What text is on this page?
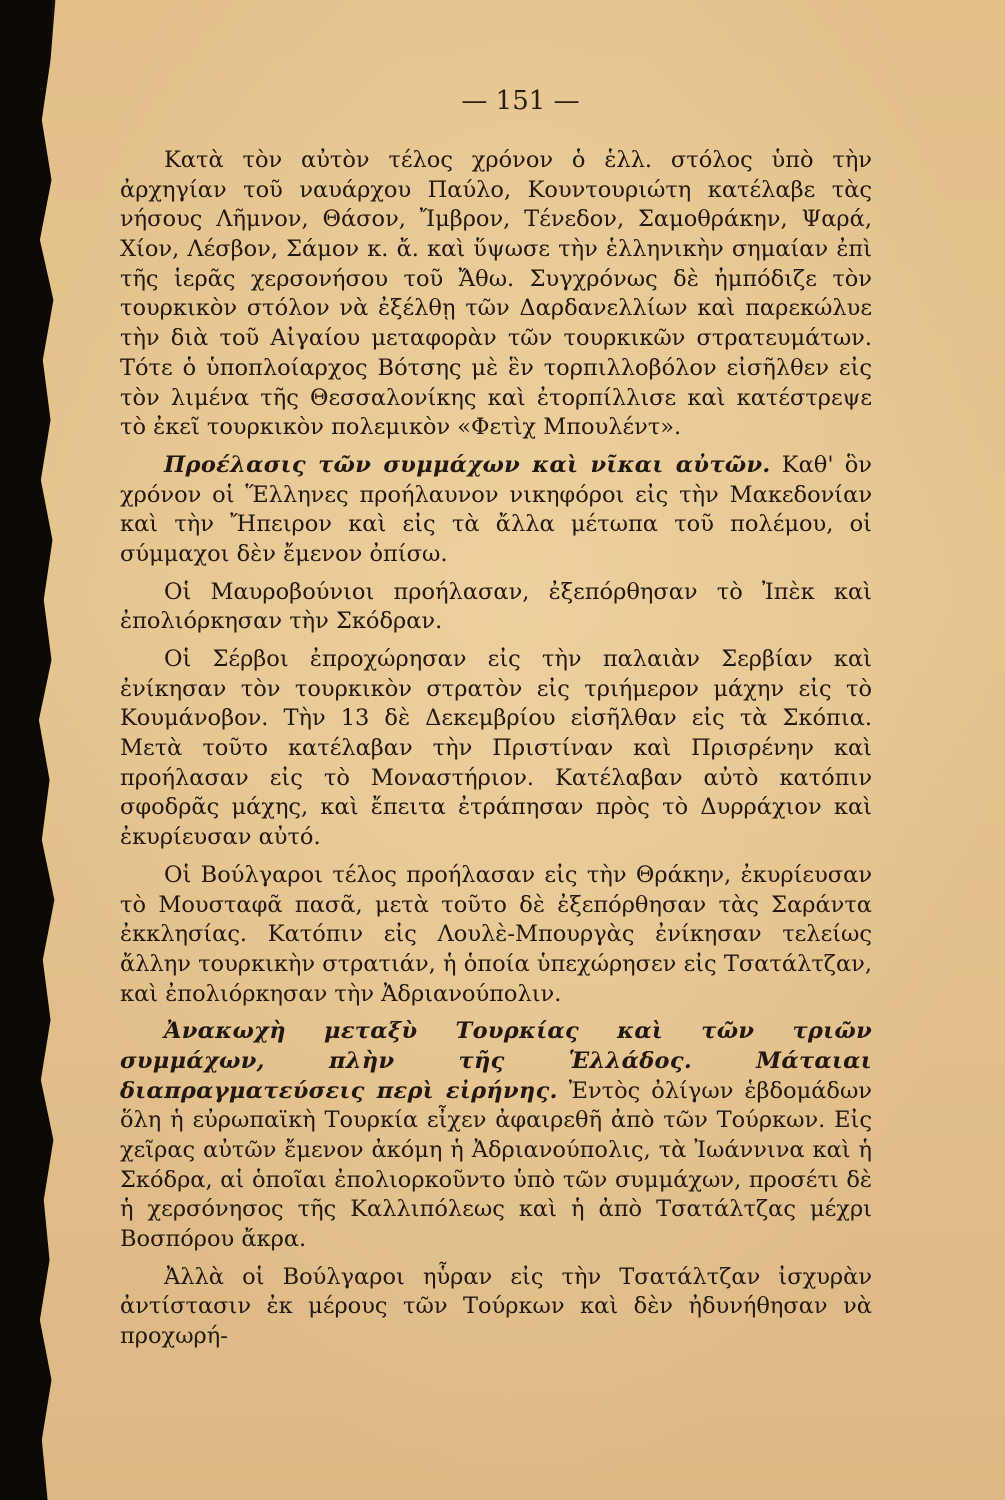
— 151 —

Κατὰ τὸν αὐτὸν τέλος χρόνον ὁ ἑλλ. στόλος ὑπὸ τὴν ἀρχηγίαν τοῦ ναυάρχου Παύλο, Κουντουριώτη κατέλαβε τὰς νήσους Λῆμνον, Θάσον, Ἴμβρον, Τένεδον, Σαμοθράκην, Ψαρά, Χίον, Λέσβον, Σάμον κ. ἄ. καὶ ὕψωσε τὴν ἑλληνικὴν σημαίαν ἐπὶ τῆς ἱερᾶς χερσονήσου τοῦ Ἄθω. Συγχρόνως δὲ ἠμπόδιζε τὸν τουρκικὸν στόλον νὰ ἐξέλθῃ τῶν Δαρδανελλίων καὶ παρεκώλυε τὴν διὰ τοῦ Αἰγαίου μεταφορὰν τῶν τουρκικῶν στρατευμάτων. Τότε ὁ ὑποπλοίαρχος Βότσης μὲ ἓν τορπιλλοβόλον εἰσῆλθεν εἰς τὸν λιμένα τῆς Θεσσαλονίκης καὶ ἐτορπίλλισε καὶ κατέστρεψε τὸ ἐκεῖ τουρκικὸν πολεμικὸν «Φετὶχ Μπουλέντ».

Προέλασις τῶν συμμάχων καὶ νῖκαι αὐτῶν. Καθ' ὃν χρόνον οἱ Ἕλληνες προήλαυνον νικηφόροι εἰς τὴν Μακεδονίαν καὶ τὴν Ἤπειρον καὶ εἰς τὰ ἄλλα μέτωπα τοῦ πολέμου, οἱ σύμμαχοι δὲν ἔμενον ὀπίσω.

Οἱ Μαυροβούνιοι προήλασαν, ἐξεπόρθησαν τὸ Ἰπὲκ καὶ ἐπολιόρκησαν τὴν Σκόδραν.

Οἱ Σέρβοι ἐπροχώρησαν εἰς τὴν παλαιὰν Σερβίαν καὶ ἐνίκησαν τὸν τουρκικὸν στρατὸν εἰς τριήμερον μάχην εἰς τὸ Κουμάνοβον. Τὴν 13 δὲ Δεκεμβρίου εἰσῆλθαν εἰς τὰ Σκόπια. Μετὰ τοῦτο κατέλαβαν τὴν Πριστίναν καὶ Πρισρένην καὶ προήλασαν εἰς τὸ Μοναστήριον. Κατέλαβαν αὐτὸ κατόπιν σφοδρᾶς μάχης, καὶ ἔπειτα ἐτράπησαν πρὸς τὸ Δυρράχιον καὶ ἐκυρίευσαν αὐτό.

Οἱ Βούλγαροι τέλος προήλασαν εἰς τὴν Θράκην, ἐκυρίευσαν τὸ Μουσταφᾶ πασᾶ, μετὰ τοῦτο δὲ ἐξεπόρθησαν τὰς Σαράντα ἐκκλησίας. Κατόπιν εἰς Λουλὲ-Μπουργὰς ἐνίκησαν τελείως ἄλλην τουρκικὴν στρατιάν, ἡ ὁποία ὑπεχώρησεν εἰς Τσατάλτζαν, καὶ ἐπολιόρκησαν τὴν Ἀδριανούπολιν.

Ἀνακωχὴ μεταξὺ Τουρκίας καὶ τῶν τριῶν συμμάχων, πλὴν τῆς Ἑλλάδος. Μάταιαι διαπραγματεύσεις περὶ εἰρήνης. Ἐντὸς ὀλίγων ἑβδομάδων ὅλη ἡ εὐρωπαϊκὴ Τουρκία εἶχεν ἀφαιρεθῆ ἀπὸ τῶν Τούρκων. Εἰς χεῖρας αὐτῶν ἔμενον ἀκόμη ἡ Ἀδριανούπολις, τὰ Ἰωάννινα καὶ ἡ Σκόδρα, αἱ ὁποῖαι ἐπολιορκοῦντο ὑπὸ τῶν συμμάχων, προσέτι δὲ ἡ χερσόνησος τῆς Καλλιπόλεως καὶ ἡ ἀπὸ Τσατάλτζας μέχρι Βοσπόρου ἄκρα.

Ἀλλὰ οἱ Βούλγαροι ηὗραν εἰς τὴν Τσατάλτζαν ἰσχυρὰν ἀντίστασιν ἐκ μέρους τῶν Τούρκων καὶ δὲν ἠδυνήθησαν νὰ προχωρή-
